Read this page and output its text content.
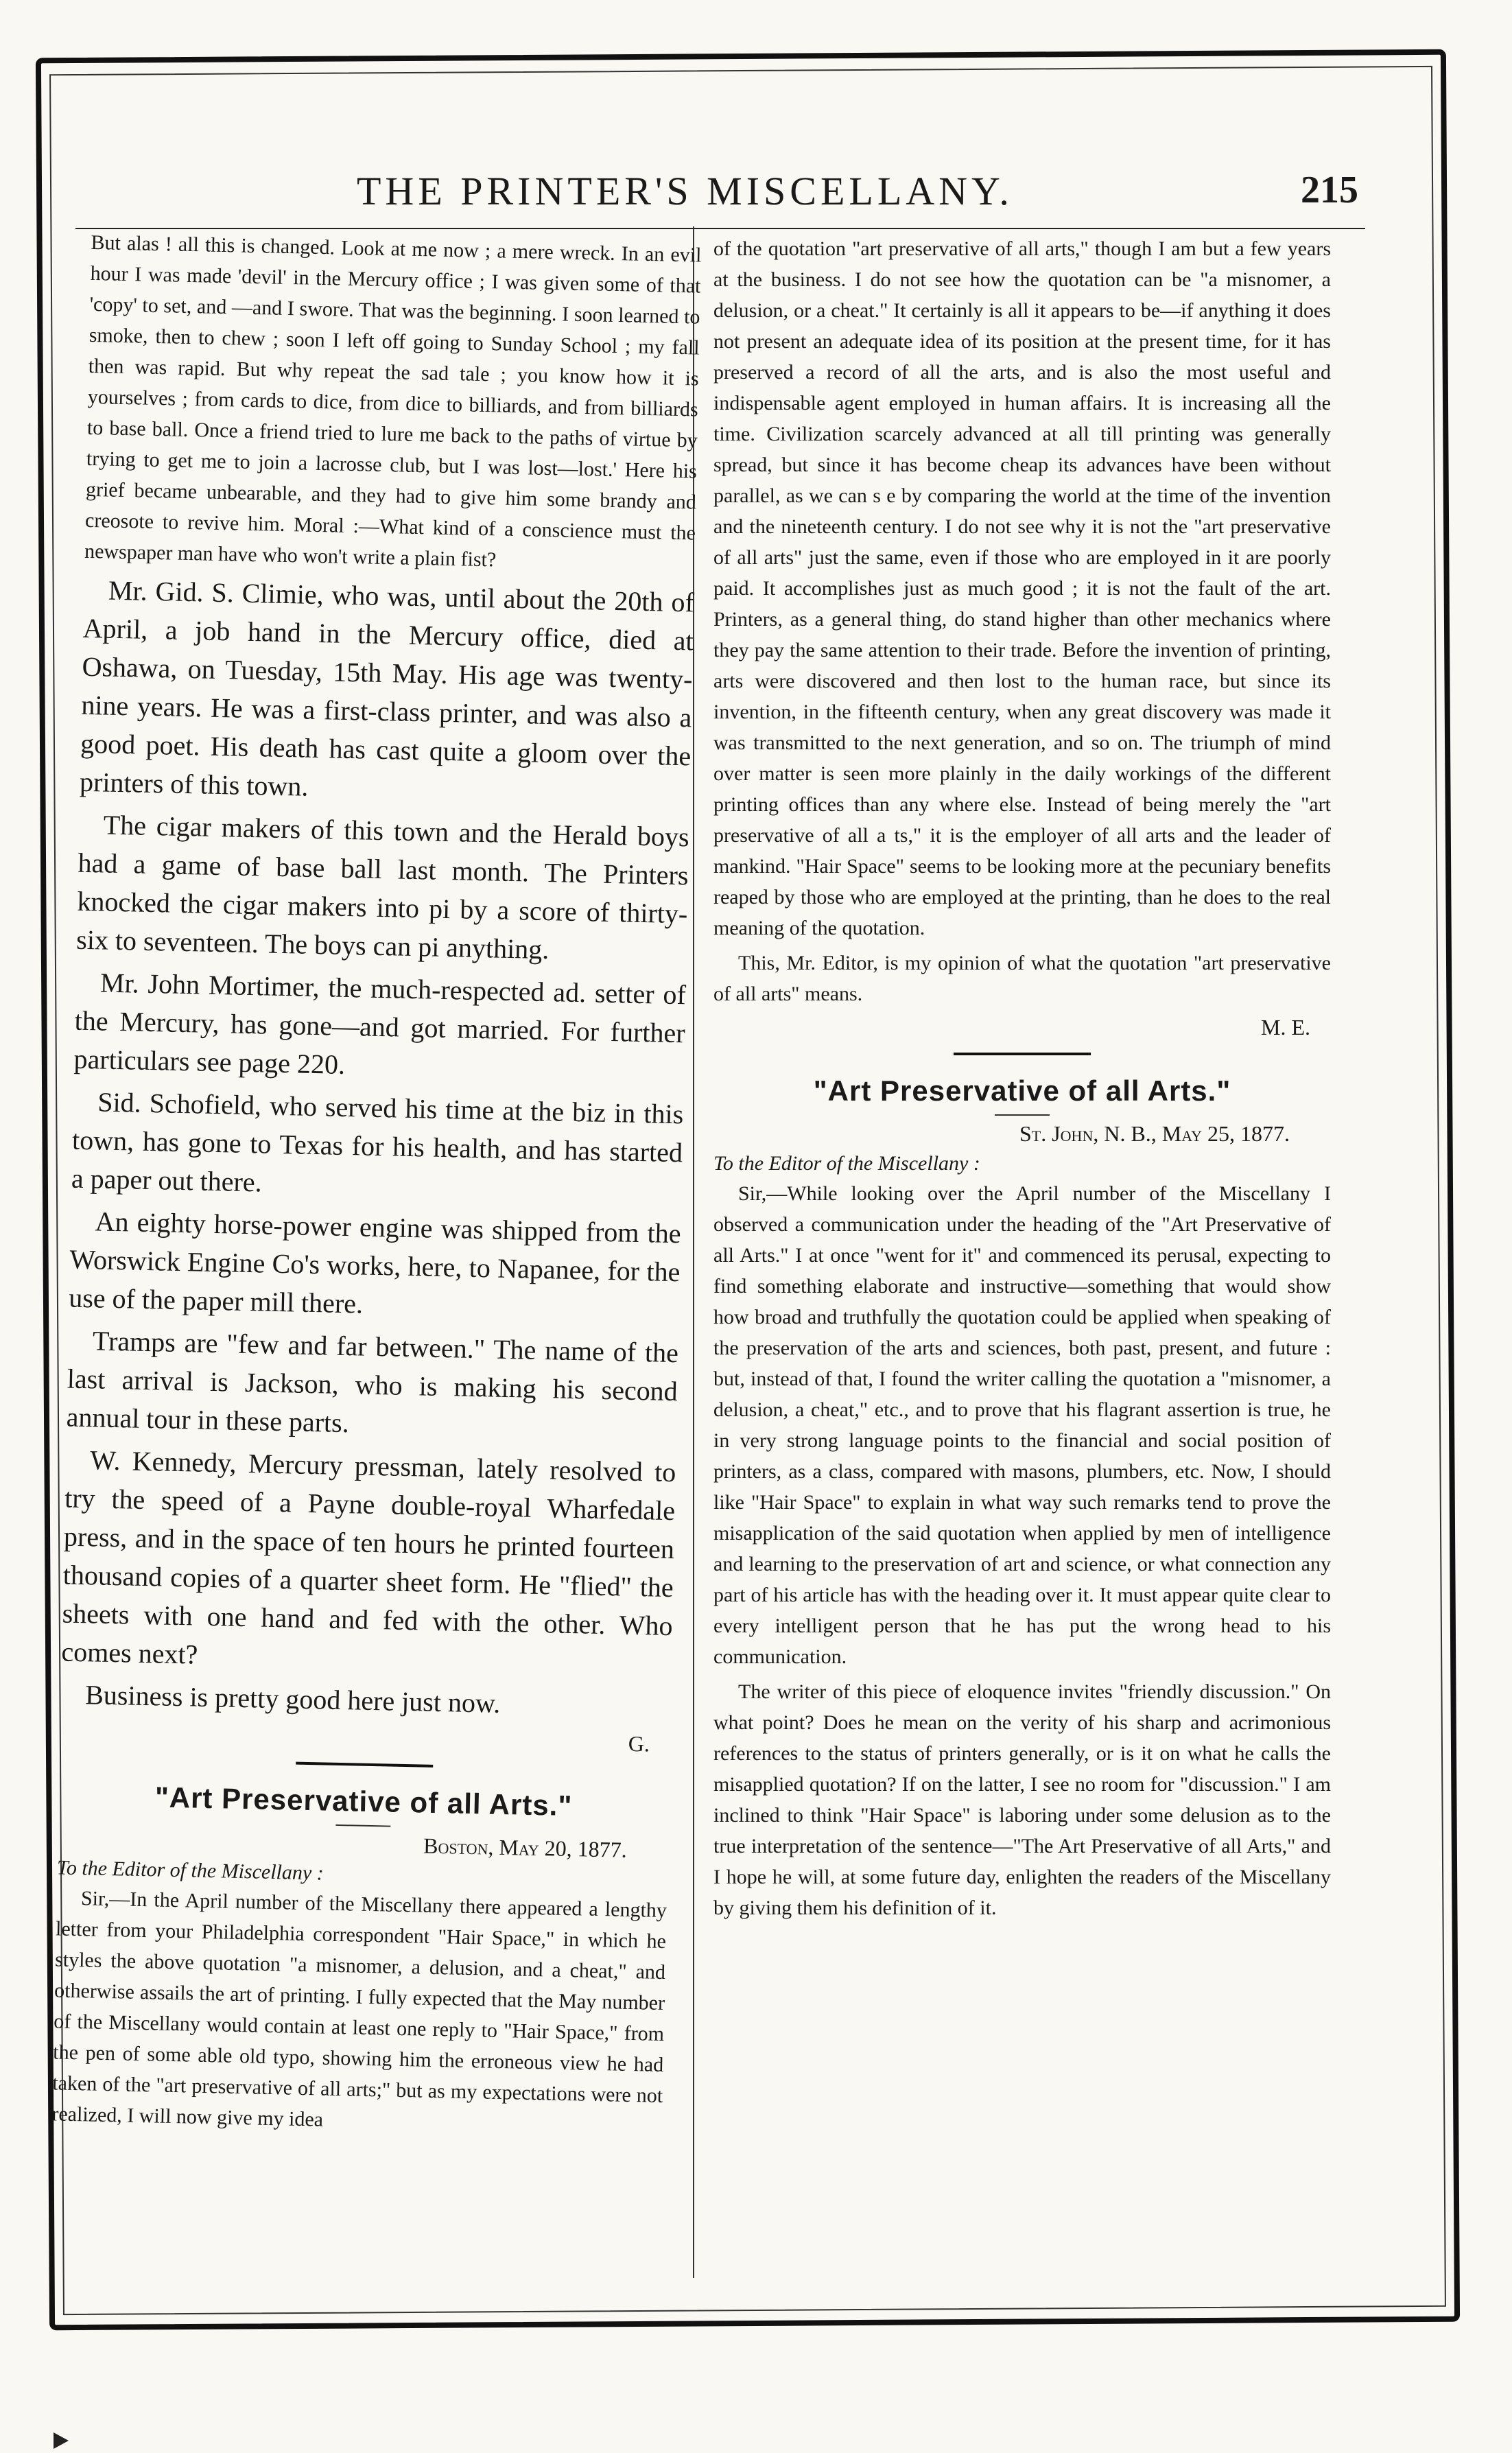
THE PRINTER'S MISCELLANY.	215

But alas ! all this is changed. Look at me now ; a mere wreck. In an evil hour I was made 'devil' in the Mercury office ; I was given some of that 'copy' to set, and —and I swore. That was the beginning. I soon learned to smoke, then to chew ; soon I left off going to Sunday School ; my fall then was rapid. But why repeat the sad tale ; you know how it is yourselves ; from cards to dice, from dice to billiards, and from billiards to base ball. Once a friend tried to lure me back to the paths of virtue by trying to get me to join a lacrosse club, but I was lost—lost.' Here his grief became unbearable, and they had to give him some brandy and creosote to revive him. Moral :—What kind of a conscience must the newspaper man have who won't write a plain fist?

Mr. Gid. S. Climie, who was, until about the 20th of April, a job hand in the Mercury office, died at Oshawa, on Tuesday, 15th May. His age was twenty-nine years. He was a first-class printer, and was also a good poet. His death has cast quite a gloom over the printers of this town.

The cigar makers of this town and the Herald boys had a game of base ball last month. The Printers knocked the cigar makers into pi by a score of thirty-six to seventeen. The boys can pi anything.

Mr. John Mortimer, the much-respected ad. setter of the Mercury, has gone—and got married. For further particulars see page 220.

Sid. Schofield, who served his time at the biz in this town, has gone to Texas for his health, and has started a paper out there.

An eighty horse-power engine was shipped from the Worswick Engine Co's works, here, to Napanee, for the use of the paper mill there.

Tramps are "few and far between." The name of the last arrival is Jackson, who is making his second annual tour in these parts.

W. Kennedy, Mercury pressman, lately resolved to try the speed of a Payne double-royal Wharfedale press, and in the space of ten hours he printed fourteen thousand copies of a quarter sheet form. He "flied" the sheets with one hand and fed with the other. Who comes next?

Business is pretty good here just now.

G.
"Art Preservative of all Arts."
Boston, May 20, 1877.
To the Editor of the Miscellany :

Sir,—In the April number of the Miscellany there appeared a lengthy letter from your Philadelphia correspondent "Hair Space," in which he styles the above quotation "a misnomer, a delusion, and a cheat," and otherwise assails the art of printing. I fully expected that the May number of the Miscellany would contain at least one reply to "Hair Space," from the pen of some able old typo, showing him the erroneous view he had taken of the "art preservative of all arts;" but as my expectations were not realized, I will now give my idea

of the quotation "art preservative of all arts," though I am but a few years at the business. I do not see how the quotation can be "a misnomer, a delusion, or a cheat." It certainly is all it appears to be—if anything it does not present an adequate idea of its position at the present time, for it has preserved a record of all the arts, and is also the most useful and indispensable agent employed in human affairs. It is increasing all the time. Civilization scarcely advanced at all till printing was generally spread, but since it has become cheap its advances have been without parallel, as we can s e by comparing the world at the time of the invention and the nineteenth century. I do not see why it is not the "art preservative of all arts" just the same, even if those who are employed in it are poorly paid. It accomplishes just as much good ; it is not the fault of the art. Printers, as a general thing, do stand higher than other mechanics where they pay the same attention to their trade. Before the invention of printing, arts were discovered and then lost to the human race, but since its invention, in the fifteenth century, when any great discovery was made it was transmitted to the next generation, and so on. The triumph of mind over matter is seen more plainly in the daily workings of the different printing offices than any where else. Instead of being merely the "art preservative of all a ts," it is the employer of all arts and the leader of mankind. "Hair Space" seems to be looking more at the pecuniary benefits reaped by those who are employed at the printing, than he does to the real meaning of the quotation.

This, Mr. Editor, is my opinion of what the quotation "art preservative of all arts" means.

M. E.
"Art Preservative of all Arts."
St. John, N. B., May 25, 1877.
To the Editor of the Miscellany :

Sir,—While looking over the April number of the Miscellany I observed a communication under the heading of the "Art Preservative of all Arts." I at once "went for it" and commenced its perusal, expecting to find something elaborate and instructive—something that would show how broad and truthfully the quotation could be applied when speaking of the preservation of the arts and sciences, both past, present, and future : but, instead of that, I found the writer calling the quotation a "misnomer, a delusion, a cheat," etc., and to prove that his flagrant assertion is true, he in very strong language points to the financial and social position of printers, as a class, compared with masons, plumbers, etc. Now, I should like "Hair Space" to explain in what way such remarks tend to prove the misapplication of the said quotation when applied by men of intelligence and learning to the preservation of art and science, or what connection any part of his article has with the heading over it. It must appear quite clear to every intelligent person that he has put the wrong head to his communication.

The writer of this piece of eloquence invites "friendly discussion." On what point? Does he mean on the verity of his sharp and acrimonious references to the status of printers generally, or is it on what he calls the misapplied quotation? If on the latter, I see no room for "discussion." I am inclined to think "Hair Space" is laboring under some delusion as to the true interpretation of the sentence—"The Art Preservative of all Arts," and I hope he will, at some future day, enlighten the readers of the Miscellany by giving them his definition of it.
